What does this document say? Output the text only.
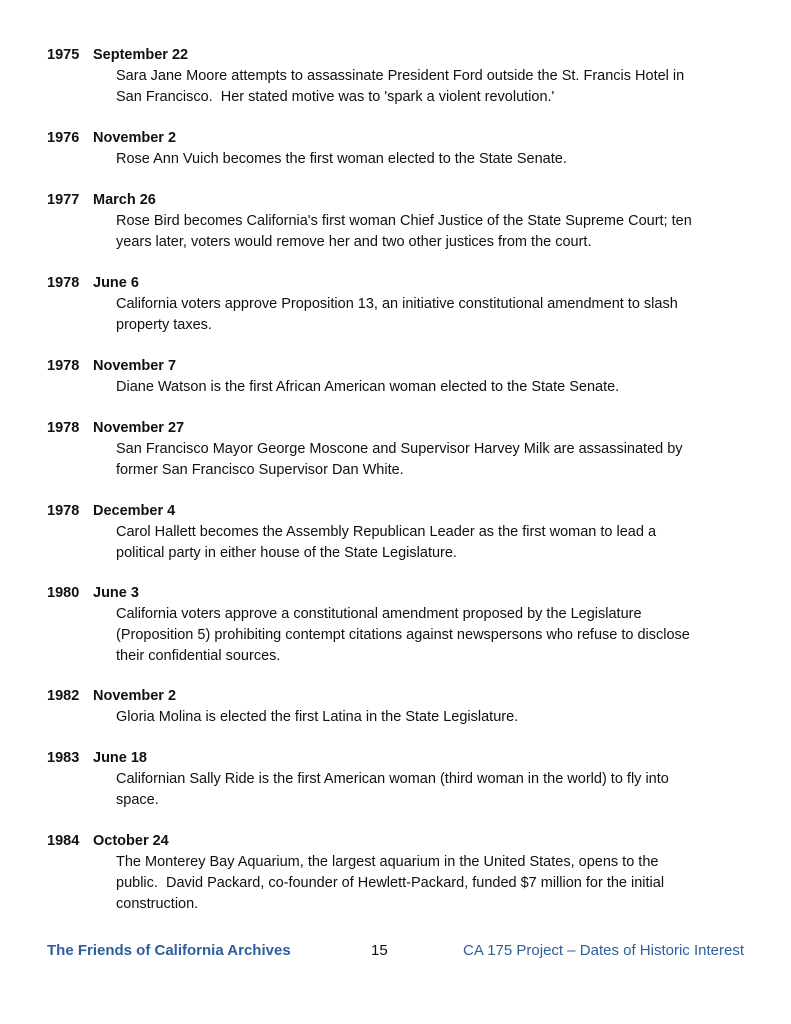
1975 September 22
Sara Jane Moore attempts to assassinate President Ford outside the St. Francis Hotel in
San Francisco.  Her stated motive was to 'spark a violent revolution.'
1976 November 2
Rose Ann Vuich becomes the first woman elected to the State Senate.
1977 March 26
Rose Bird becomes California's first woman Chief Justice of the State Supreme Court; ten
years later, voters would remove her and two other justices from the court.
1978 June 6
California voters approve Proposition 13, an initiative constitutional amendment to slash
property taxes.
1978 November 7
Diane Watson is the first African American woman elected to the State Senate.
1978 November 27
San Francisco Mayor George Moscone and Supervisor Harvey Milk are assassinated by
former San Francisco Supervisor Dan White.
1978 December 4
Carol Hallett becomes the Assembly Republican Leader as the first woman to lead a
political party in either house of the State Legislature.
1980 June 3
California voters approve a constitutional amendment proposed by the Legislature
(Proposition 5) prohibiting contempt citations against newspersons who refuse to disclose
their confidential sources.
1982 November 2
Gloria Molina is elected the first Latina in the State Legislature.
1983 June 18
Californian Sally Ride is the first American woman (third woman in the world) to fly into
space.
1984 October 24
The Monterey Bay Aquarium, the largest aquarium in the United States, opens to the
public.  David Packard, co-founder of Hewlett-Packard, funded $7 million for the initial
construction.
The Friends of California Archives	15	CA 175 Project – Dates of Historic Interest
